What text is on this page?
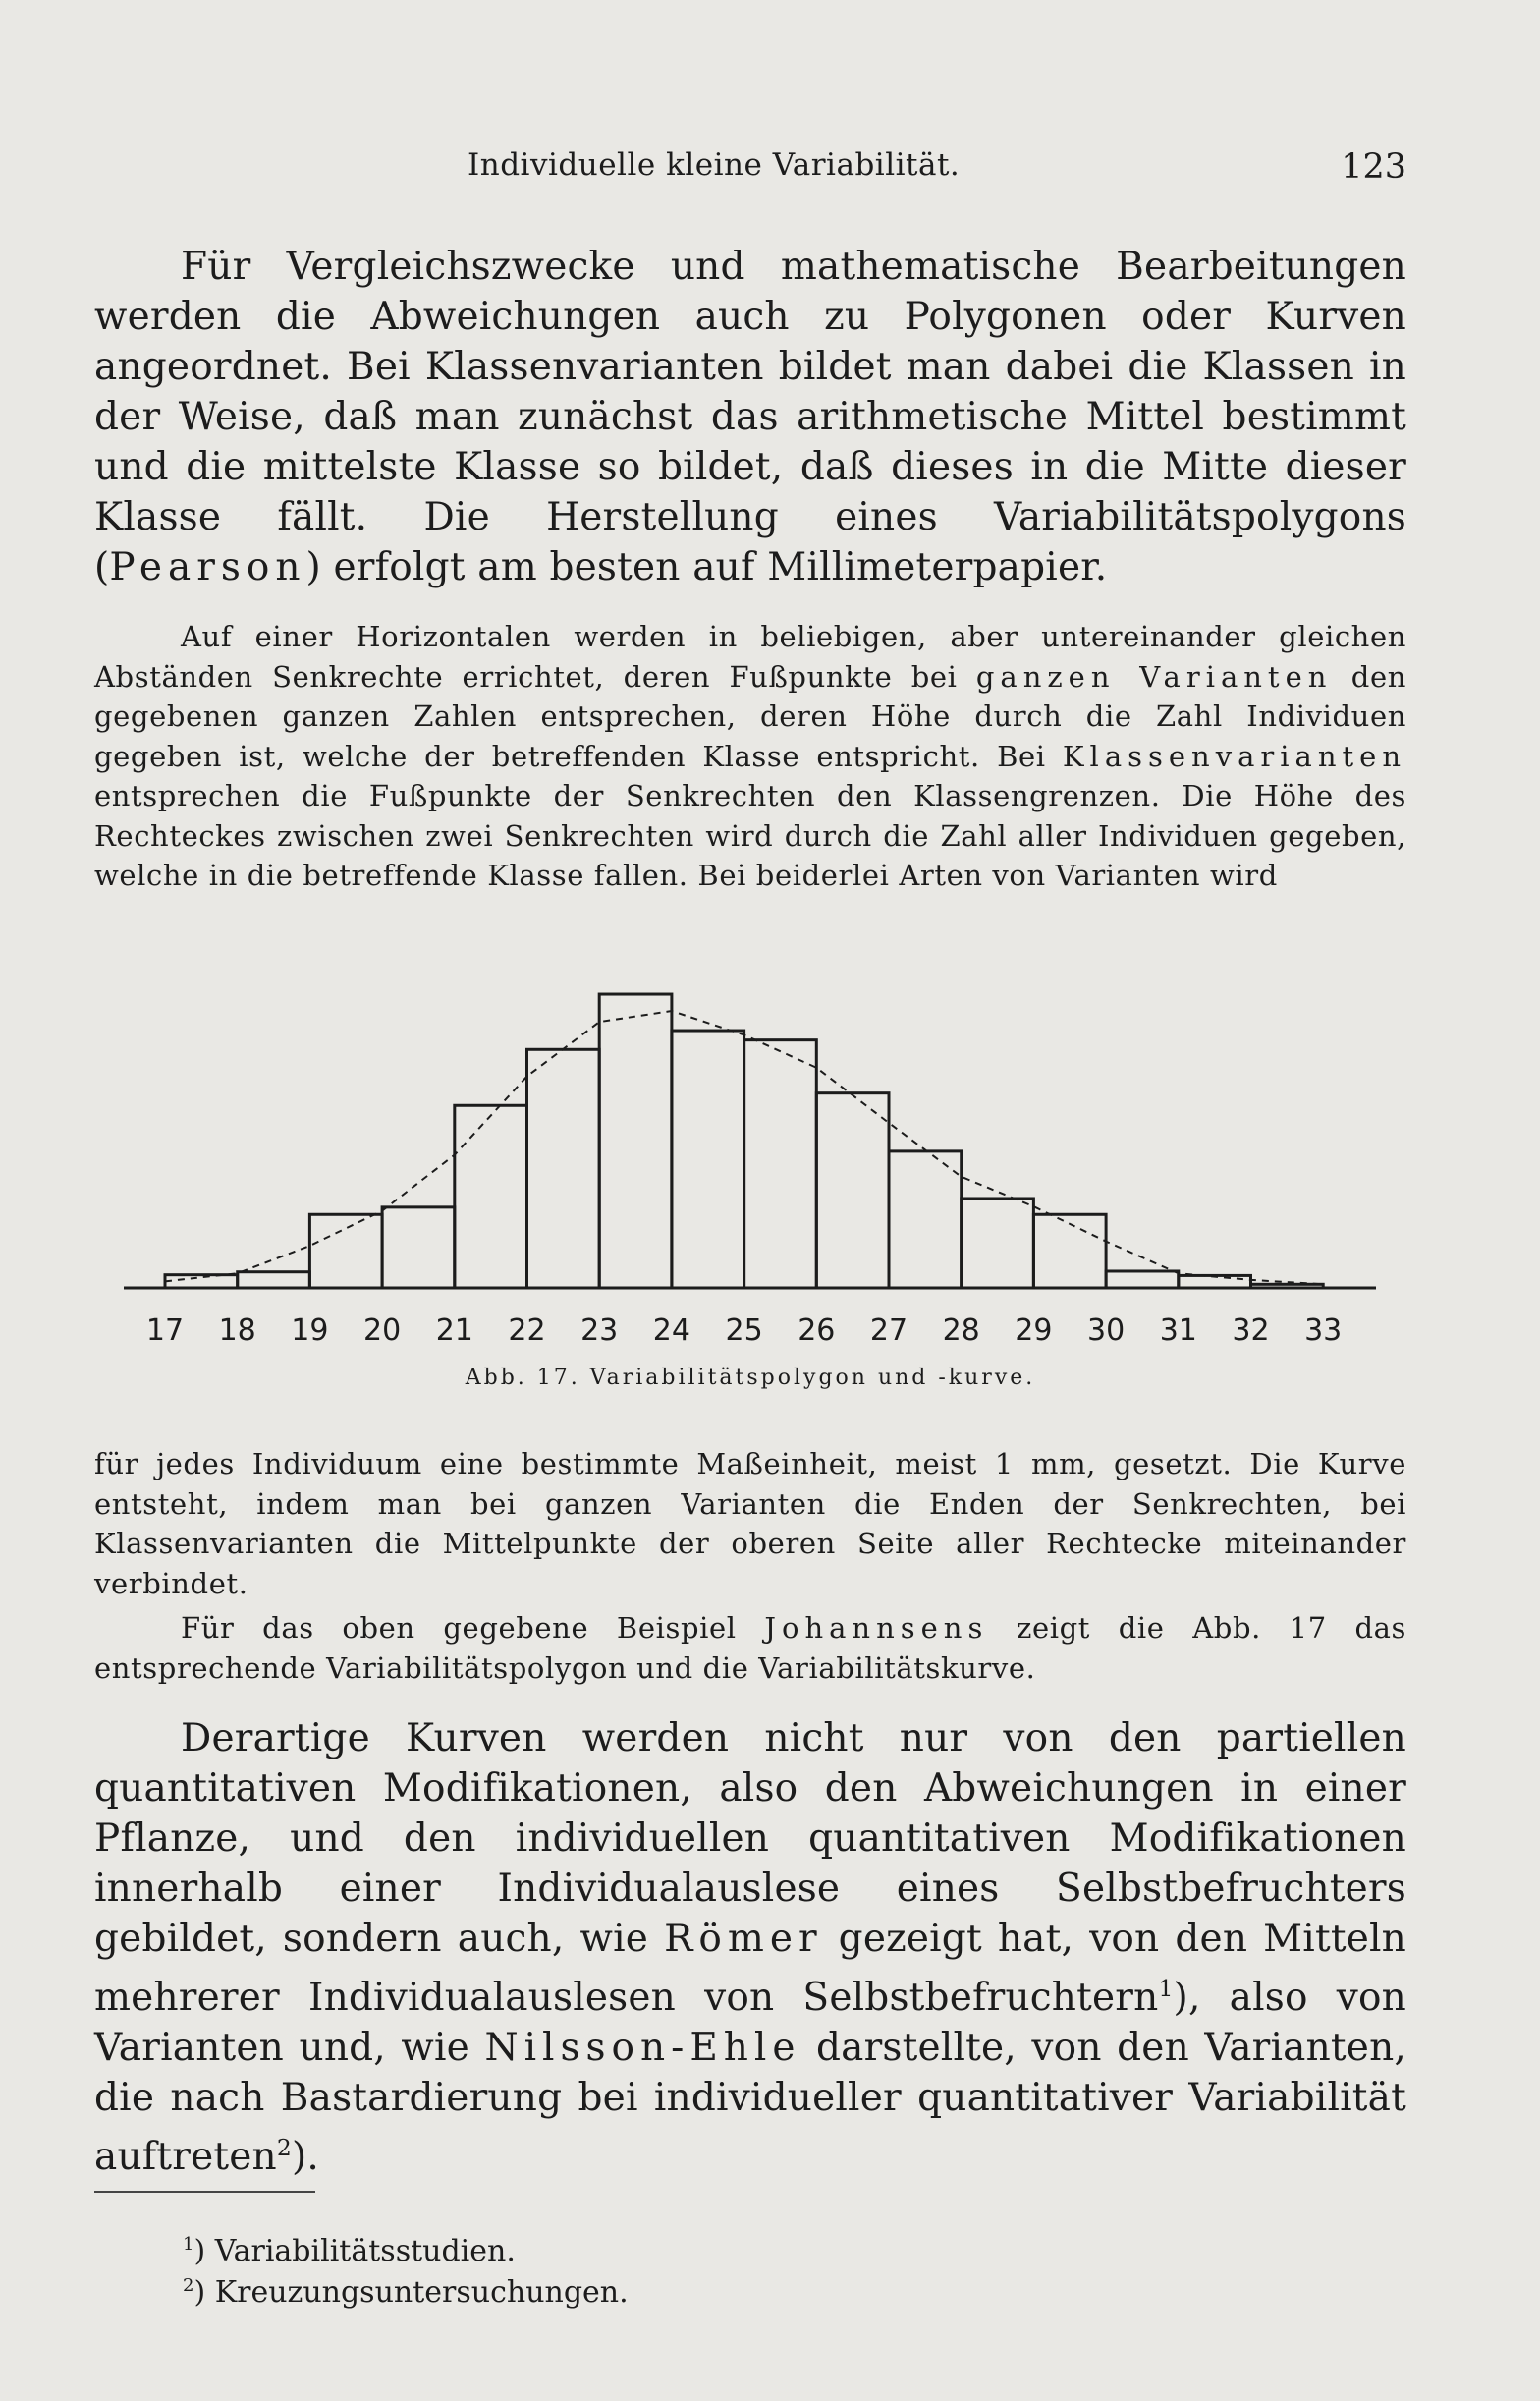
Individuelle kleine Variabilität.	123
Für Vergleichszwecke und mathematische Bearbeitungen werden die Abweichungen auch zu Polygonen oder Kurven angeordnet. Bei Klassenvarianten bildet man dabei die Klassen in der Weise, daß man zunächst das arithmetische Mittel bestimmt und die mittelste Klasse so bildet, daß dieses in die Mitte dieser Klasse fällt. Die Herstellung eines Variabilitätspolygons (Pearson) erfolgt am besten auf Millimeterpapier.
Auf einer Horizontalen werden in beliebigen, aber untereinander gleichen Abständen Senkrechte errichtet, deren Fußpunkte bei ganzen Varianten den gegebenen ganzen Zahlen entsprechen, deren Höhe durch die Zahl Individuen gegeben ist, welche der betreffenden Klasse entspricht. Bei Klassenvarianten entsprechen die Fußpunkte der Senkrechten den Klassengrenzen. Die Höhe des Rechteckes zwischen zwei Senkrechten wird durch die Zahl aller Individuen gegeben, welche in die betreffende Klasse fallen. Bei beiderlei Arten von Varianten wird
17 18 19 20 21 22 23 24 25 26 27 28 29 30 31 32 33
Abb. 17. Variabilitätspolygon und -kurve.
für jedes Individuum eine bestimmte Maßeinheit, meist 1 mm, gesetzt. Die Kurve entsteht, indem man bei ganzen Varianten die Enden der Senkrechten, bei Klassenvarianten die Mittelpunkte der oberen Seite aller Rechtecke miteinander verbindet.
Für das oben gegebene Beispiel Johannsens zeigt die Abb. 17 das entsprechende Variabilitätspolygon und die Variabilitätskurve.
Derartige Kurven werden nicht nur von den partiellen quantitativen Modifikationen, also den Abweichungen in einer Pflanze, und den individuellen quantitativen Modifikationen innerhalb einer Individualauslese eines Selbstbefruchters gebildet, sondern auch, wie Römer gezeigt hat, von den Mitteln mehrerer Individualauslesen von Selbstbefruchtern$^1$), also von Varianten und, wie Nilsson-Ehle darstellte, von den Varianten, die nach Bastardierung bei individueller quantitativer Variabilität auftreten$^2$).
$^1$) Variabilitätsstudien.
$^2$) Kreuzungsuntersuchungen.
